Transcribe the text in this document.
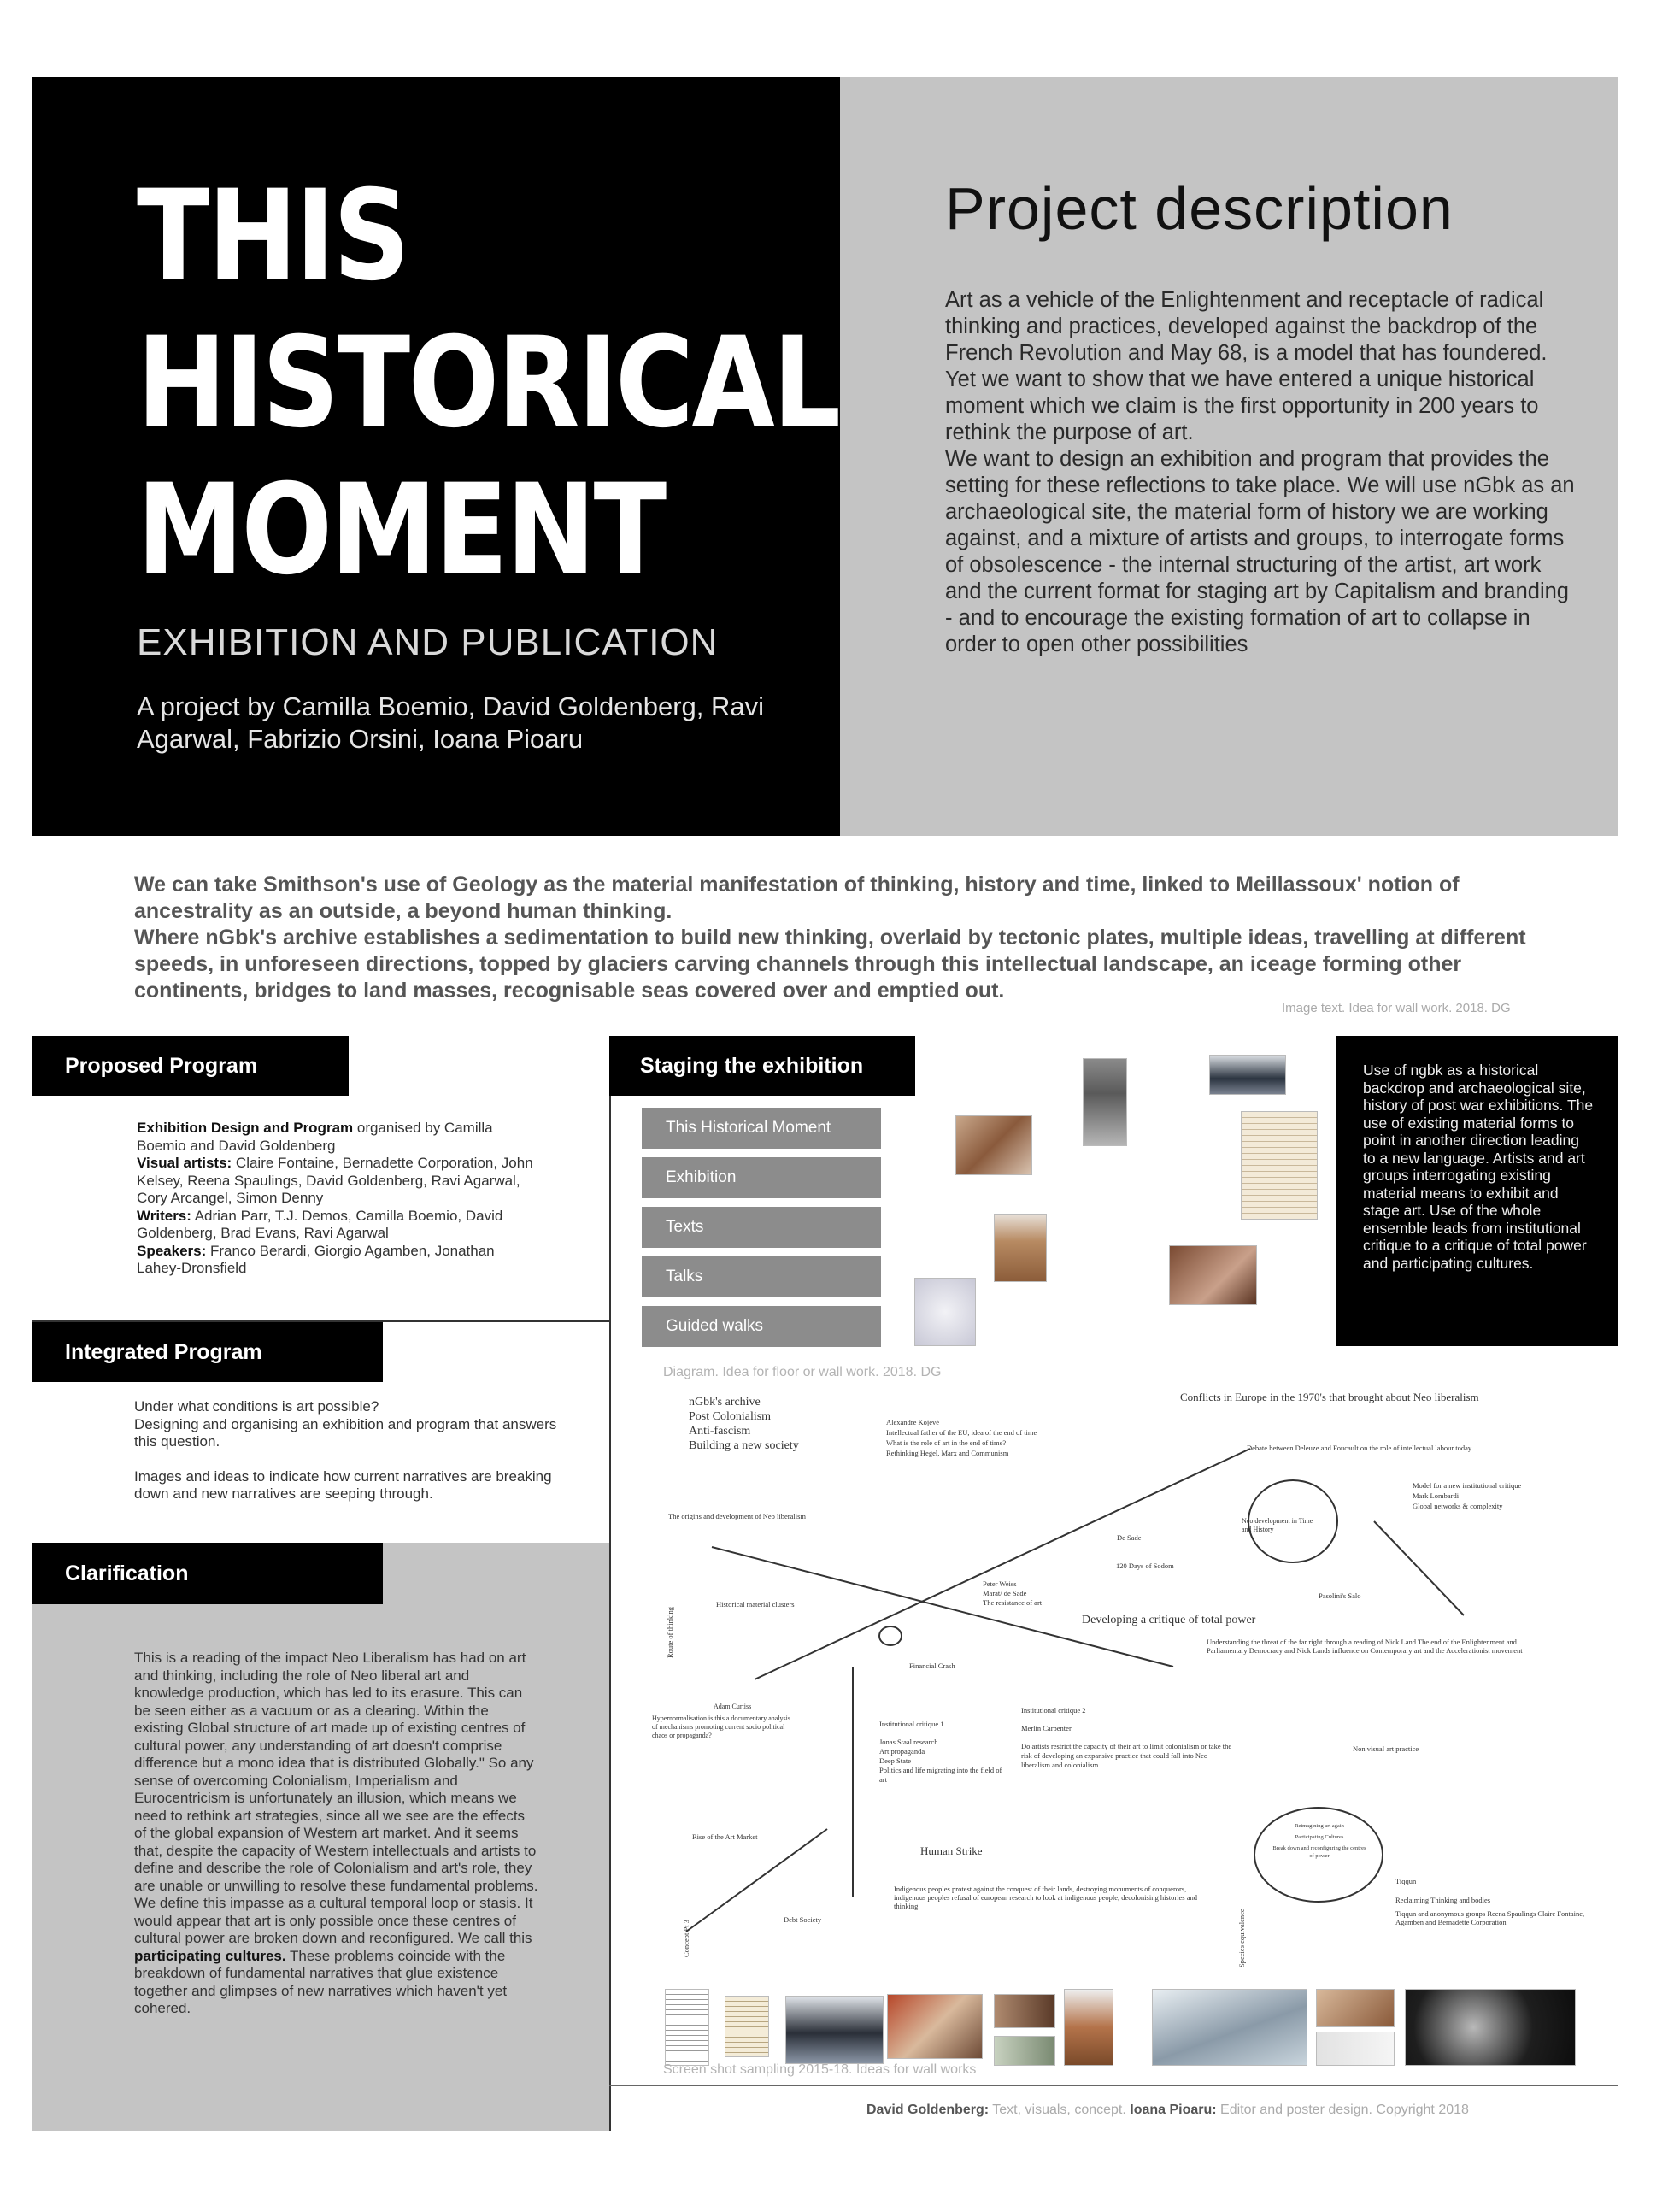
THIS
HISTORICAL
MOMENT
EXHIBITION AND PUBLICATION
A project by Camilla Boemio, David Goldenberg, Ravi Agarwal, Fabrizio Orsini, Ioana Pioaru
Project description
Art as a vehicle of the Enlightenment and receptacle of radical thinking and practices, developed against the backdrop of the French Revolution and May 68, is a model that has foundered. Yet we want to show that we have entered a unique historical moment which we claim is the first opportunity in 200 years to rethink the purpose of art.
We want to design an exhibition and program that provides the setting for these reflections to take place. We will use nGbk as an archaeological site, the material form of history we are working against, and a mixture of artists and groups, to interrogate forms of obsolescence - the internal structuring of the artist, art work and the current format for staging art by Capitalism and branding - and to encourage the existing formation of art to collapse in order to open other possibilities
We can take Smithson's use of Geology as the material manifestation of thinking, history and time, linked to Meillassoux' notion of ancestrality as an outside, a beyond human thinking.
Where nGbk's archive establishes a sedimentation to build new thinking, overlaid by tectonic plates, multiple ideas, travelling at different speeds, in unforeseen directions, topped by glaciers carving channels through this intellectual landscape, an iceage forming other continents, bridges to land masses, recognisable seas covered over and emptied out.
Image text. Idea for wall work. 2018. DG
Proposed Program
Exhibition Design and Program organised by Camilla Boemio and David Goldenberg
Visual artists: Claire Fontaine, Bernadette Corporation, John Kelsey, Reena Spaulings, David Goldenberg, Ravi Agarwal, Cory Arcangel, Simon Denny
Writers: Adrian Parr, T.J. Demos, Camilla Boemio, David Goldenberg, Brad Evans, Ravi Agarwal
Speakers: Franco Berardi, Giorgio Agamben, Jonathan Lahey-Dronsfield
Integrated Program
Under what conditions is art possible?
Designing and organising an exhibition and program that answers this question.
Images and ideas to indicate how current narratives are breaking down and new narratives are seeping through.
Clarification
This is a reading of the impact Neo Liberalism has had on art and thinking, including the role of Neo liberal art and knowledge production, which has led to its erasure. This can be seen either as a vacuum or as a clearing. Within the existing Global structure of art made up of existing centres of cultural power, any understanding of art doesn't comprise difference but a mono idea that is distributed Globally." So any sense of overcoming Colonialism, Imperialism and Eurocentricism is unfortunately an illusion, which means we need to rethink art strategies, since all we see are the effects of the global expansion of Western art market. And it seems that, despite the capacity of Western intellectuals and artists to define and describe the role of Colonialism and art's role, they are unable or unwilling to resolve these fundamental problems.
We define this impasse as a cultural temporal loop or stasis. It would appear that art is only possible once these centres of cultural power are broken down and reconfigured. We call this participating cultures. These problems coincide with the breakdown of fundamental narratives that glue existence together and glimpses of new narratives which haven't yet cohered.
Staging the exhibition
This Historical Moment
Exhibition
Texts
Talks
Guided walks
Use of ngbk as a historical backdrop and archaeological site, history of post war exhibitions. The use of existing material forms to point in another direction leading to a new language. Artists and art groups interrogating existing material means to exhibit and stage art. Use of the whole ensemble leads from institutional critique to a critique of total power and participating cultures.
Diagram. Idea for floor or wall work. 2018. DG
nGbk's archive
Post Colonialism
Anti-fascism
Building a new society
Conflicts in Europe in the 1970's that brought about Neo liberalism
Alexandre Kojevé
Intellectual father of the EU, idea of the end of time
What is the role of art in the end of time?
Rethinking Hegel, Marx and Communism
Debate between Deleuze and Foucault on the role of intellectual labour today
Model for a new institutional critique
Mark Lombardi
Global networks & complexity
The origins and development of Neo liberalism
Neo development in Time and History
De Sade
120 Days of Sodom
Peter Weiss
Marat/ de Sade
The resistance of art
Pasolini's Salo
Historical material clusters
Developing a critique of total power
Understanding the threat of the far right through a reading of Nick Land The end of the Enlightenment and Parliamentary Democracy and Nick Lands influence on Contemporary art and the Accelerationist movement
Route of thinking
Financial Crash
Adam Curtiss
Hypernormalisation is this a documentary analysis of mechanisms promoting current socio political chaos or propaganda?
Institutional critique 1
Jonas Staal research
Art propaganda
Deep State
Politics and life migrating into the field of art
Institutional critique 2
Merlin Carpenter
Do artists restrict the capacity of their art to limit colonialism or take the risk of developing an expansive practice that could fall into Neo liberalism and colonialism
Non visual art practice
Reimagining art again
Participating Cultures
Break down and reconfiguring the centres of power
Rise of the Art Market
Human Strike
Indigenous peoples protest against the conquest of their lands, destroying monuments of conquerors, indigenous peoples refusal of european research to look at indigenous people, decolonising histories and thinking
Tiqqun
Reclaiming Thinking and bodies
Tiqqun and anonymous groups Reena Spaulings Claire Fontaine, Agamben and Bernadette Corporation
Concept Pt 3
Debt Society	Species equivalence
Screen shot sampling 2015-18. Ideas for wall works
David Goldenberg: Text, visuals, concept. Ioana Pioaru: Editor and poster design. Copyright 2018
